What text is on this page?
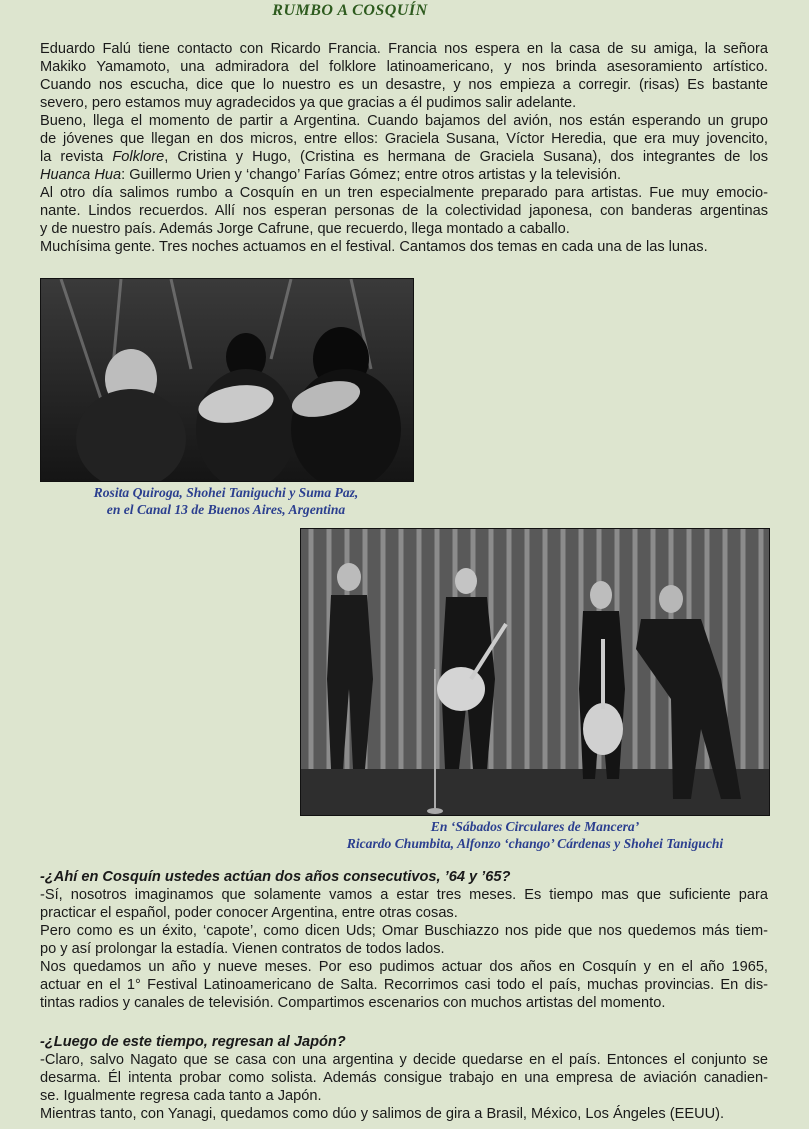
RUMBO A COSQUÍN
Eduardo Falú tiene contacto con Ricardo Francia. Francia nos espera en la casa de su amiga, la señora
Makiko Yamamoto, una admiradora del folklore latinoamericano, y nos brinda asesoramiento artístico.
Cuando nos escucha, dice que lo nuestro es un desastre, y nos empieza a corregir. (risas) Es bastante
severo, pero estamos muy agradecidos ya que gracias a él pudimos salir adelante.
Bueno, llega el momento de partir a Argentina. Cuando bajamos del avión, nos están esperando un grupo
de jóvenes que llegan en dos micros, entre ellos: Graciela Susana, Víctor Heredia, que era muy jovencito,
la revista Folklore, Cristina y Hugo, (Cristina es hermana de Graciela Susana), dos integrantes de los
Huanca Hua: Guillermo Urien y ‘chango’ Farías Gómez; entre otros artistas y la televisión.
Al otro día salimos rumbo a Cosquín en un tren especialmente preparado para artistas. Fue muy emocio-
nante. Lindos recuerdos. Allí nos esperan personas de la colectividad japonesa, con banderas argentinas
y de nuestro país. Además Jorge Cafrune, que recuerdo, llega montado a caballo.
Muchísima gente. Tres noches actuamos en el festival. Cantamos dos temas en cada una de las lunas.
Rosita Quiroga, Shohei Taniguchi y Suma Paz,
en el Canal 13 de Buenos Aires, Argentina
En ‘Sábados Circulares de Mancera’
Ricardo Chumbita, Alfonzo ‘chango’ Cárdenas y Shohei Taniguchi
-¿Ahí en Cosquín ustedes actúan dos años consecutivos, ’64 y ’65?
-Sí, nosotros imaginamos que solamente vamos a estar tres meses. Es tiempo mas que suficiente para
practicar el español, poder conocer Argentina, entre otras cosas.
Pero como es un éxito, ‘capote’, como dicen Uds; Omar Buschiazzo nos pide que nos quedemos más tiem-
po y así prolongar la estadía. Vienen contratos de todos lados.
Nos quedamos un año y nueve meses. Por eso pudimos actuar dos años en Cosquín y en el año 1965,
actuar en el 1° Festival Latinoamericano de Salta. Recorrimos casi todo el país, muchas provincias. En dis-
tintas radios y canales de televisión. Compartimos escenarios con muchos artistas del momento.
-¿Luego de este tiempo, regresan al Japón?
-Claro, salvo Nagato que se casa con una argentina y decide quedarse en el país. Entonces el conjunto se
desarma. Él intenta probar como solista. Además consigue trabajo en una empresa de aviación canadien-
se. Igualmente regresa cada tanto a Japón.
Mientras tanto, con Yanagi, quedamos como dúo y salimos de gira a Brasil, México, Los Ángeles (EEUU).
